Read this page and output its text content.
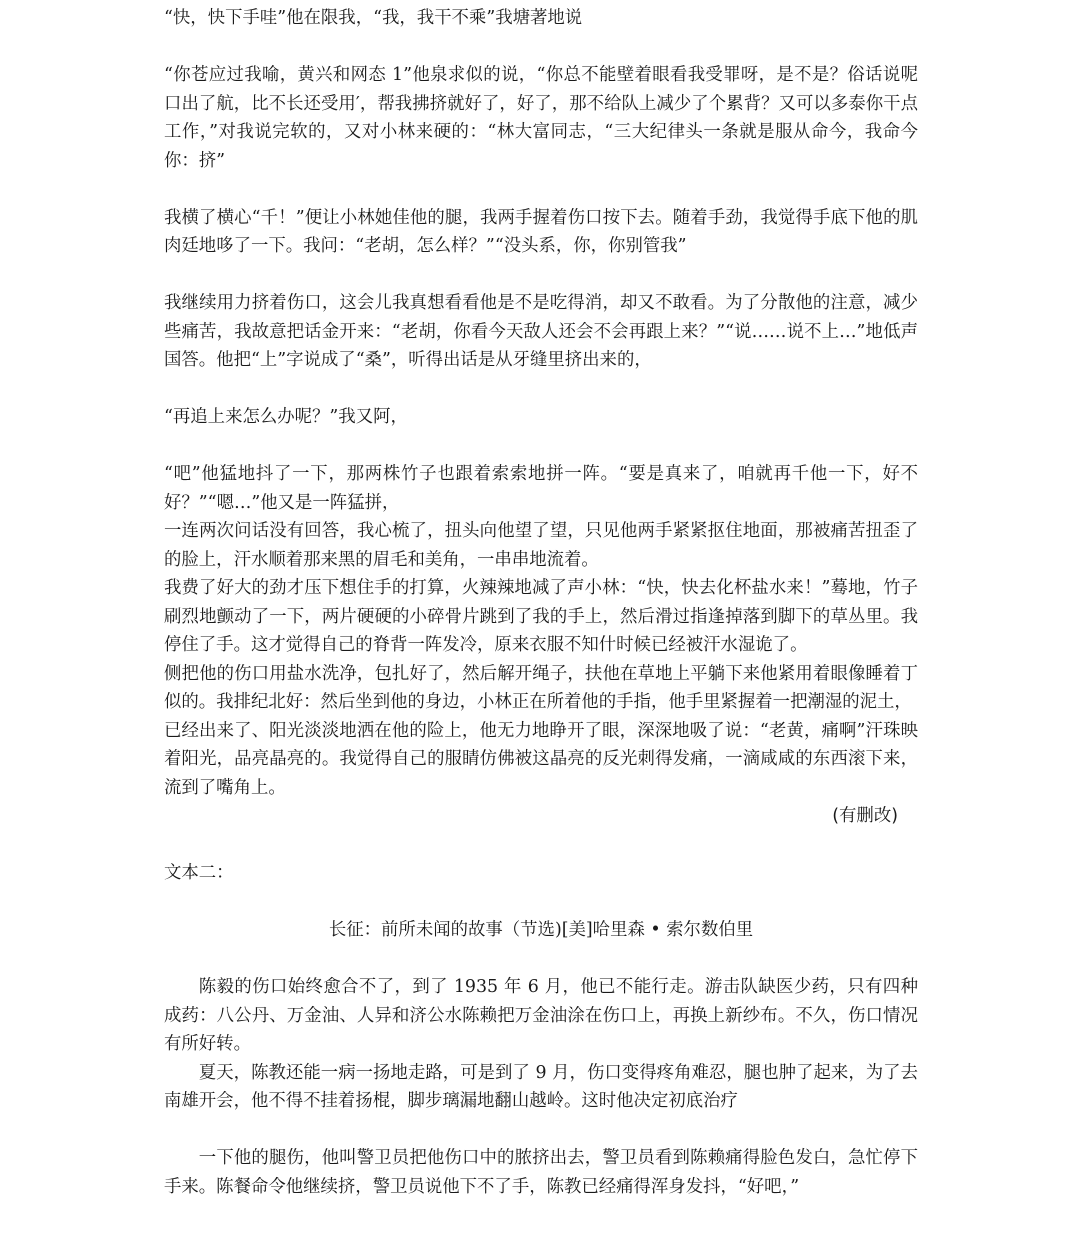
“快，快下手哇”他在限我，“我，我干不乘”我塘著地说

“你苍应过我喻，黄兴和网态 1”他泉求似的说，“你总不能壁着眼看我受罪呀，是不是？俗话说呢口出了航，比不长还受用′，帮我拂挤就好了，好了，那不给队上减少了个累背？又可以多泰你干点工作，”对我说完软的，又对小林来硬的：“林大富同志，“三大纪律头一条就是服从命今，我命今你：挤”

我横了横心“千！”便让小林她佳他的腿，我两手握着伤口按下去。随着手劲，我觉得手底下他的肌肉廷地哆了一下。我问：“老胡，怎么样？”“没头系，你，你别管我”

我继续用力挤着伤口，这会儿我真想看看他是不是吃得消，却又不敢看。为了分散他的注意，减少些痛苦，我故意把话金开来：“老胡，你看今天敌人还会不会再跟上来？”“说……说不上…”地低声国答。他把“上”字说成了“桑”，听得出话是从牙缝里挤出来的，

“再追上来怎么办呢？”我又阿，

“吧”他猛地抖了一下，那两株竹子也跟着索索地拼一阵。“要是真来了，咱就再千他一下，好不好？”“嗯…”他又是一阵猛拼，

一连两次问话没有回答，我心梳了，扭头向他望了望，只见他两手紧紧抠住地面，那被痛苦扭歪了的脸上，汗水顺着那来黑的眉毛和美角，一串串地流着。

我费了好大的劲才压下想住手的打算，火辣辣地减了声小林：“快，快去化杯盐水来！”蓦地，竹子刷烈地颤动了一下，两片硬硬的小碎骨片跳到了我的手上，然后滑过指逢掉落到脚下的草丛里。我停住了手。这才觉得自己的脊背一阵发冷，原来衣服不知什时候已经被汗水湿诡了。

侧把他的伤口用盐水洗净，包扎好了，然后解开绳子，扶他在草地上平躺下来他紧用着眼像睡着丁似的。我排纪北好：然后坐到他的身边，小林正在所着他的手指，他手里紧握着一把潮湿的泥土，

已经出来了、阳光淡淡地洒在他的险上，他无力地睁开了眼，深深地吸了说：“老黄，痛啊”汗珠映着阳光，品亮晶亮的。我觉得自己的服睛仿佛被这晶亮的反光刺得发痛，一滴咸咸的东西滚下来，流到了嘴角上。

(有删改)

文本二：

长征：前所未闻的故事（节选)[美]哈里森 • 索尔数伯里

陈毅的伤口始终愈合不了，到了 1935 年 6 月，他已不能行走。游击队缺医少药，只有四种成药：八公丹、万金油、人异和济公水陈赖把万金油涂在伤口上，再换上新纱布。不久，伤口情况有所好转。

夏天，陈教还能一病一扬地走路，可是到了 9 月，伤口变得疼角难忍，腿也肿了起来，为了去南雄开会，他不得不挂着扬棍，脚步璃漏地翻山越岭。这时他决定初底治疗

一下他的腿伤，他叫警卫员把他伤口中的脓挤出去，警卫员看到陈赖痛得脸色发白，急忙停下手来。陈餐命令他继续挤，警卫员说他下不了手，陈教已经痛得浑身发抖，“好吧，”
